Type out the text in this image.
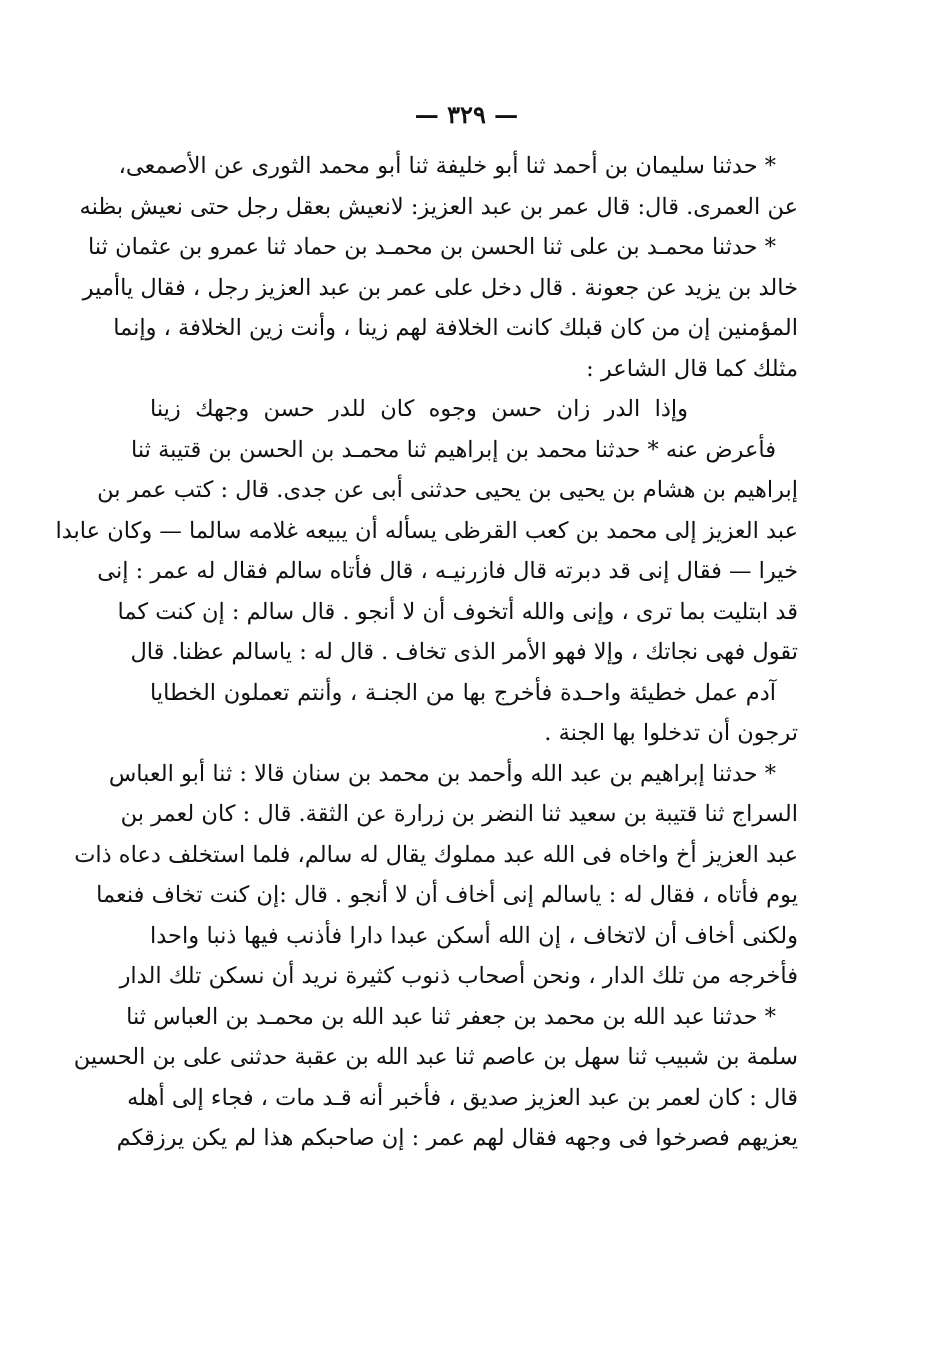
— ٣٢٩ —
* حدثنا سليمان بن أحمد ثنا أبو خليفة ثنا أبو محمد الثورى عن الأصمعى،
عن العمرى. قال: قال عمر بن عبد العزيز: لانعيش بعقل رجل حتى نعيش بظنه
* حدثنا محمـد بن على ثنا الحسن بن محمـد بن حماد ثنا عمرو بن عثمان ثنا
خالد بن يزيد عن جعونة . قال دخل على عمر بن عبد العزيز رجل ، فقال ياأمير
المؤمنين إن من كان قبلك كانت الخلافة لهم زينا ، وأنت زين الخلافة ، وإنما
مثلك كما قال الشاعر :
وإذا الدر زان حسن وجوه كان للدر حسن وجهك زينا
فأعرض عنه * حدثنا محمد بن إبراهيم ثنا محمـد بن الحسن بن قتيبة ثنا
إبراهيم بن هشام بن يحيى بن يحيى حدثنى أبى عن جدى. قال : كتب عمر بن
عبد العزيز إلى محمد بن كعب القرظى يسأله أن يبيعه غلامه سالما — وكان عابدا
خيرا — فقال إنى قد دبرته قال فازرنيـه ، قال فأتاه سالم فقال له عمر : إنى
قد ابتليت بما ترى ، وإنى والله أتخوف أن لا أنجو . قال سالم : إن كنت كما
تقول فهى نجاتك ، وإلا فهو الأمر الذى تخاف . قال له : ياسالم عظنا. قال
آدم عمل خطيئة واحـدة فأخرج بها من الجنـة ، وأنتم تعملون الخطايا
ترجون أن تدخلوا بها الجنة .
* حدثنا إبراهيم بن عبد الله وأحمد بن محمد بن سنان قالا : ثنا أبو العباس
السراج ثنا قتيبة بن سعيد ثنا النضر بن زرارة عن الثقة. قال : كان لعمر بن
عبد العزيز أخ واخاه فى الله عبد مملوك يقال له سالم، فلما استخلف دعاه ذات
يوم فأتاه ، فقال له : ياسالم إنى أخاف أن لا أنجو . قال :إن كنت تخاف فنعما
ولكنى أخاف أن لاتخاف ، إن الله أسكن عبدا دارا فأذنب فيها ذنبا واحدا
فأخرجه من تلك الدار ، ونحن أصحاب ذنوب كثيرة نريد أن نسكن تلك الدار
* حدثنا عبد الله بن محمد بن جعفر ثنا عبد الله بن محمـد بن العباس ثنا
سلمة بن شبيب ثنا سهل بن عاصم ثنا عبد الله بن عقبة حدثنى على بن الحسين
قال : كان لعمر بن عبد العزيز صديق ، فأخبر أنه قـد مات ، فجاء إلى أهله
يعزيهم فصرخوا فى وجهه فقال لهم عمر : إن صاحبكم هذا لم يكن يرزقكم
